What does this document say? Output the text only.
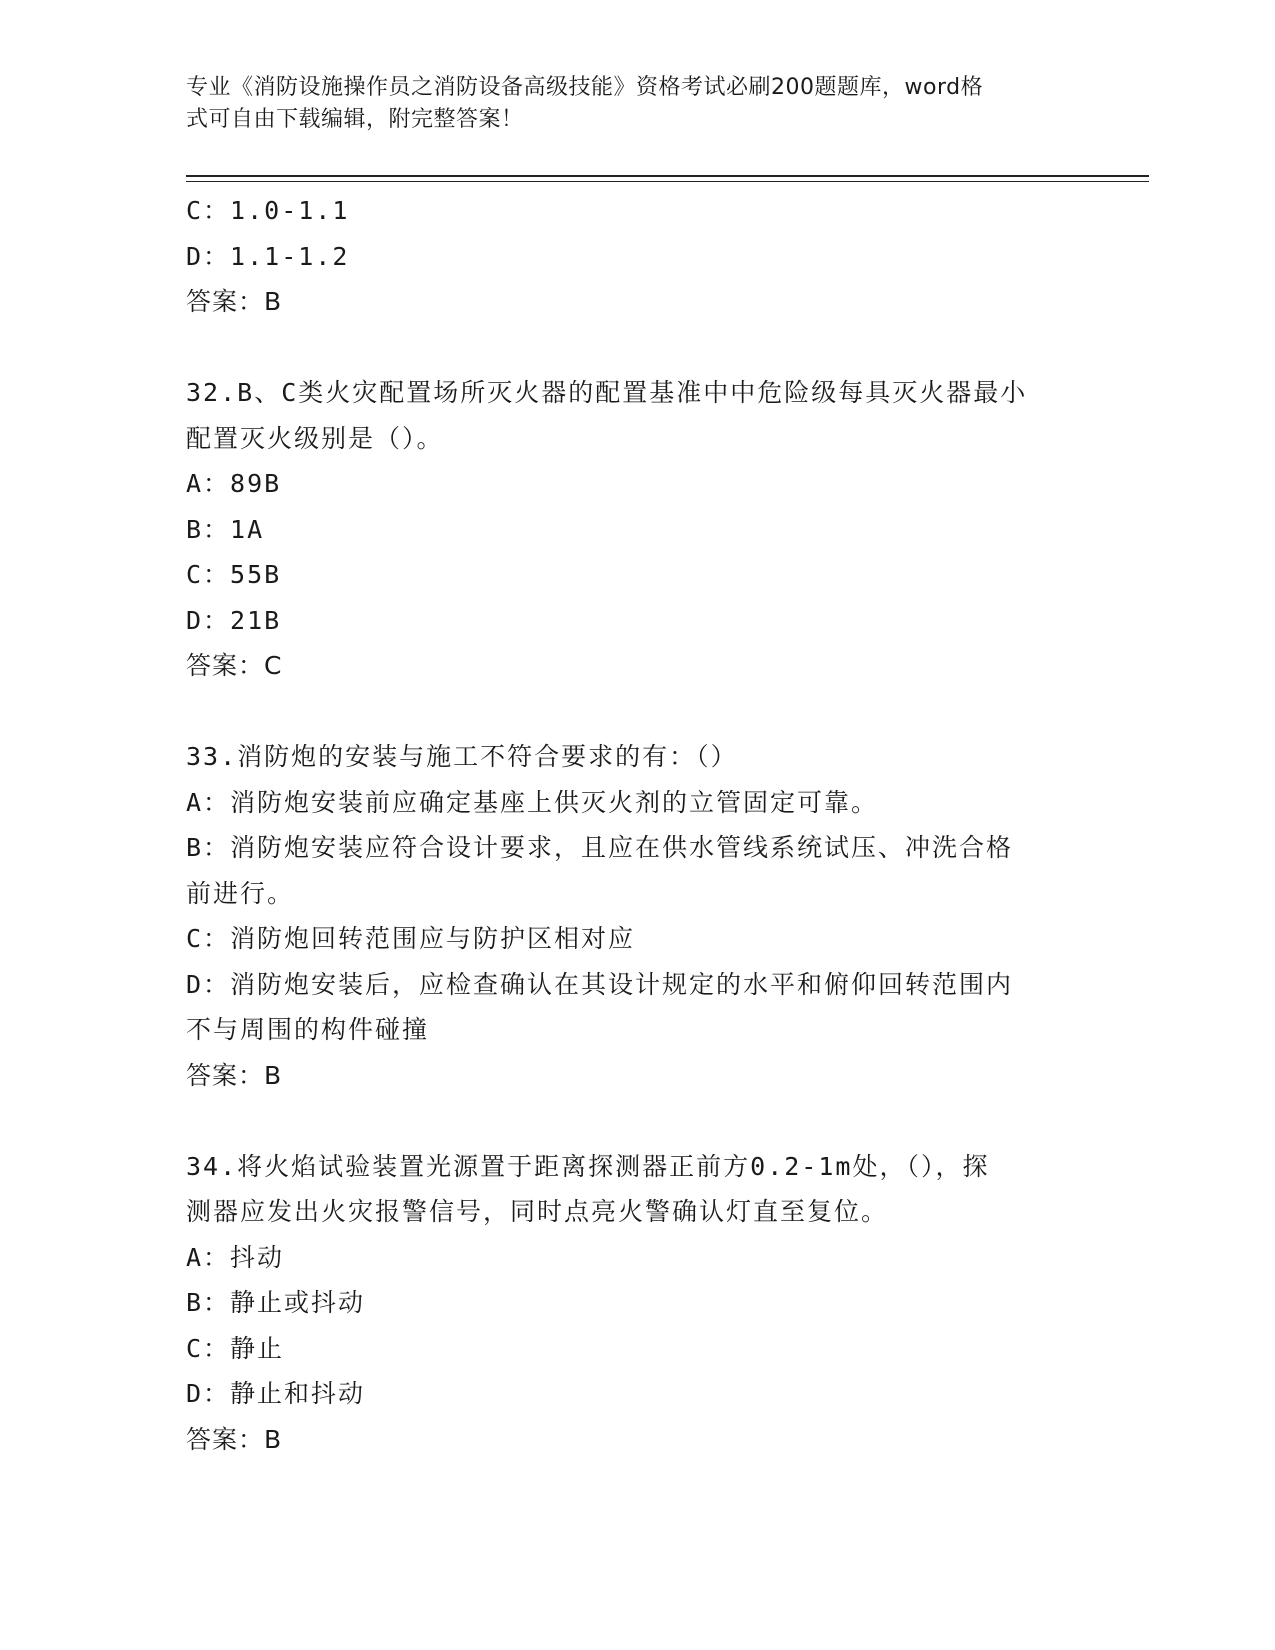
专业《消防设施操作员之消防设备高级技能》资格考试必刷200题题库，word格
式可自由下载编辑，附完整答案！
C：1.0-1.1
D：1.1-1.2
答案：B
32.B、C类火灾配置场所灭火器的配置基准中中危险级每具灭火器最小
配置灭火级别是（）。
A：89B
B：1A
C：55B
D：21B
答案：C
33.消防炮的安装与施工不符合要求的有：（）
A：消防炮安装前应确定基座上供灭火剂的立管固定可靠。
B：消防炮安装应符合设计要求，且应在供水管线系统试压、冲洗合格
前进行。
C：消防炮回转范围应与防护区相对应
D：消防炮安装后，应检查确认在其设计规定的水平和俯仰回转范围内
不与周围的构件碰撞
答案：B
34.将火焰试验装置光源置于距离探测器正前方0.2-1m处，（），探
测器应发出火灾报警信号，同时点亮火警确认灯直至复位。
A：抖动
B：静止或抖动
C：静止
D：静止和抖动
答案：B
